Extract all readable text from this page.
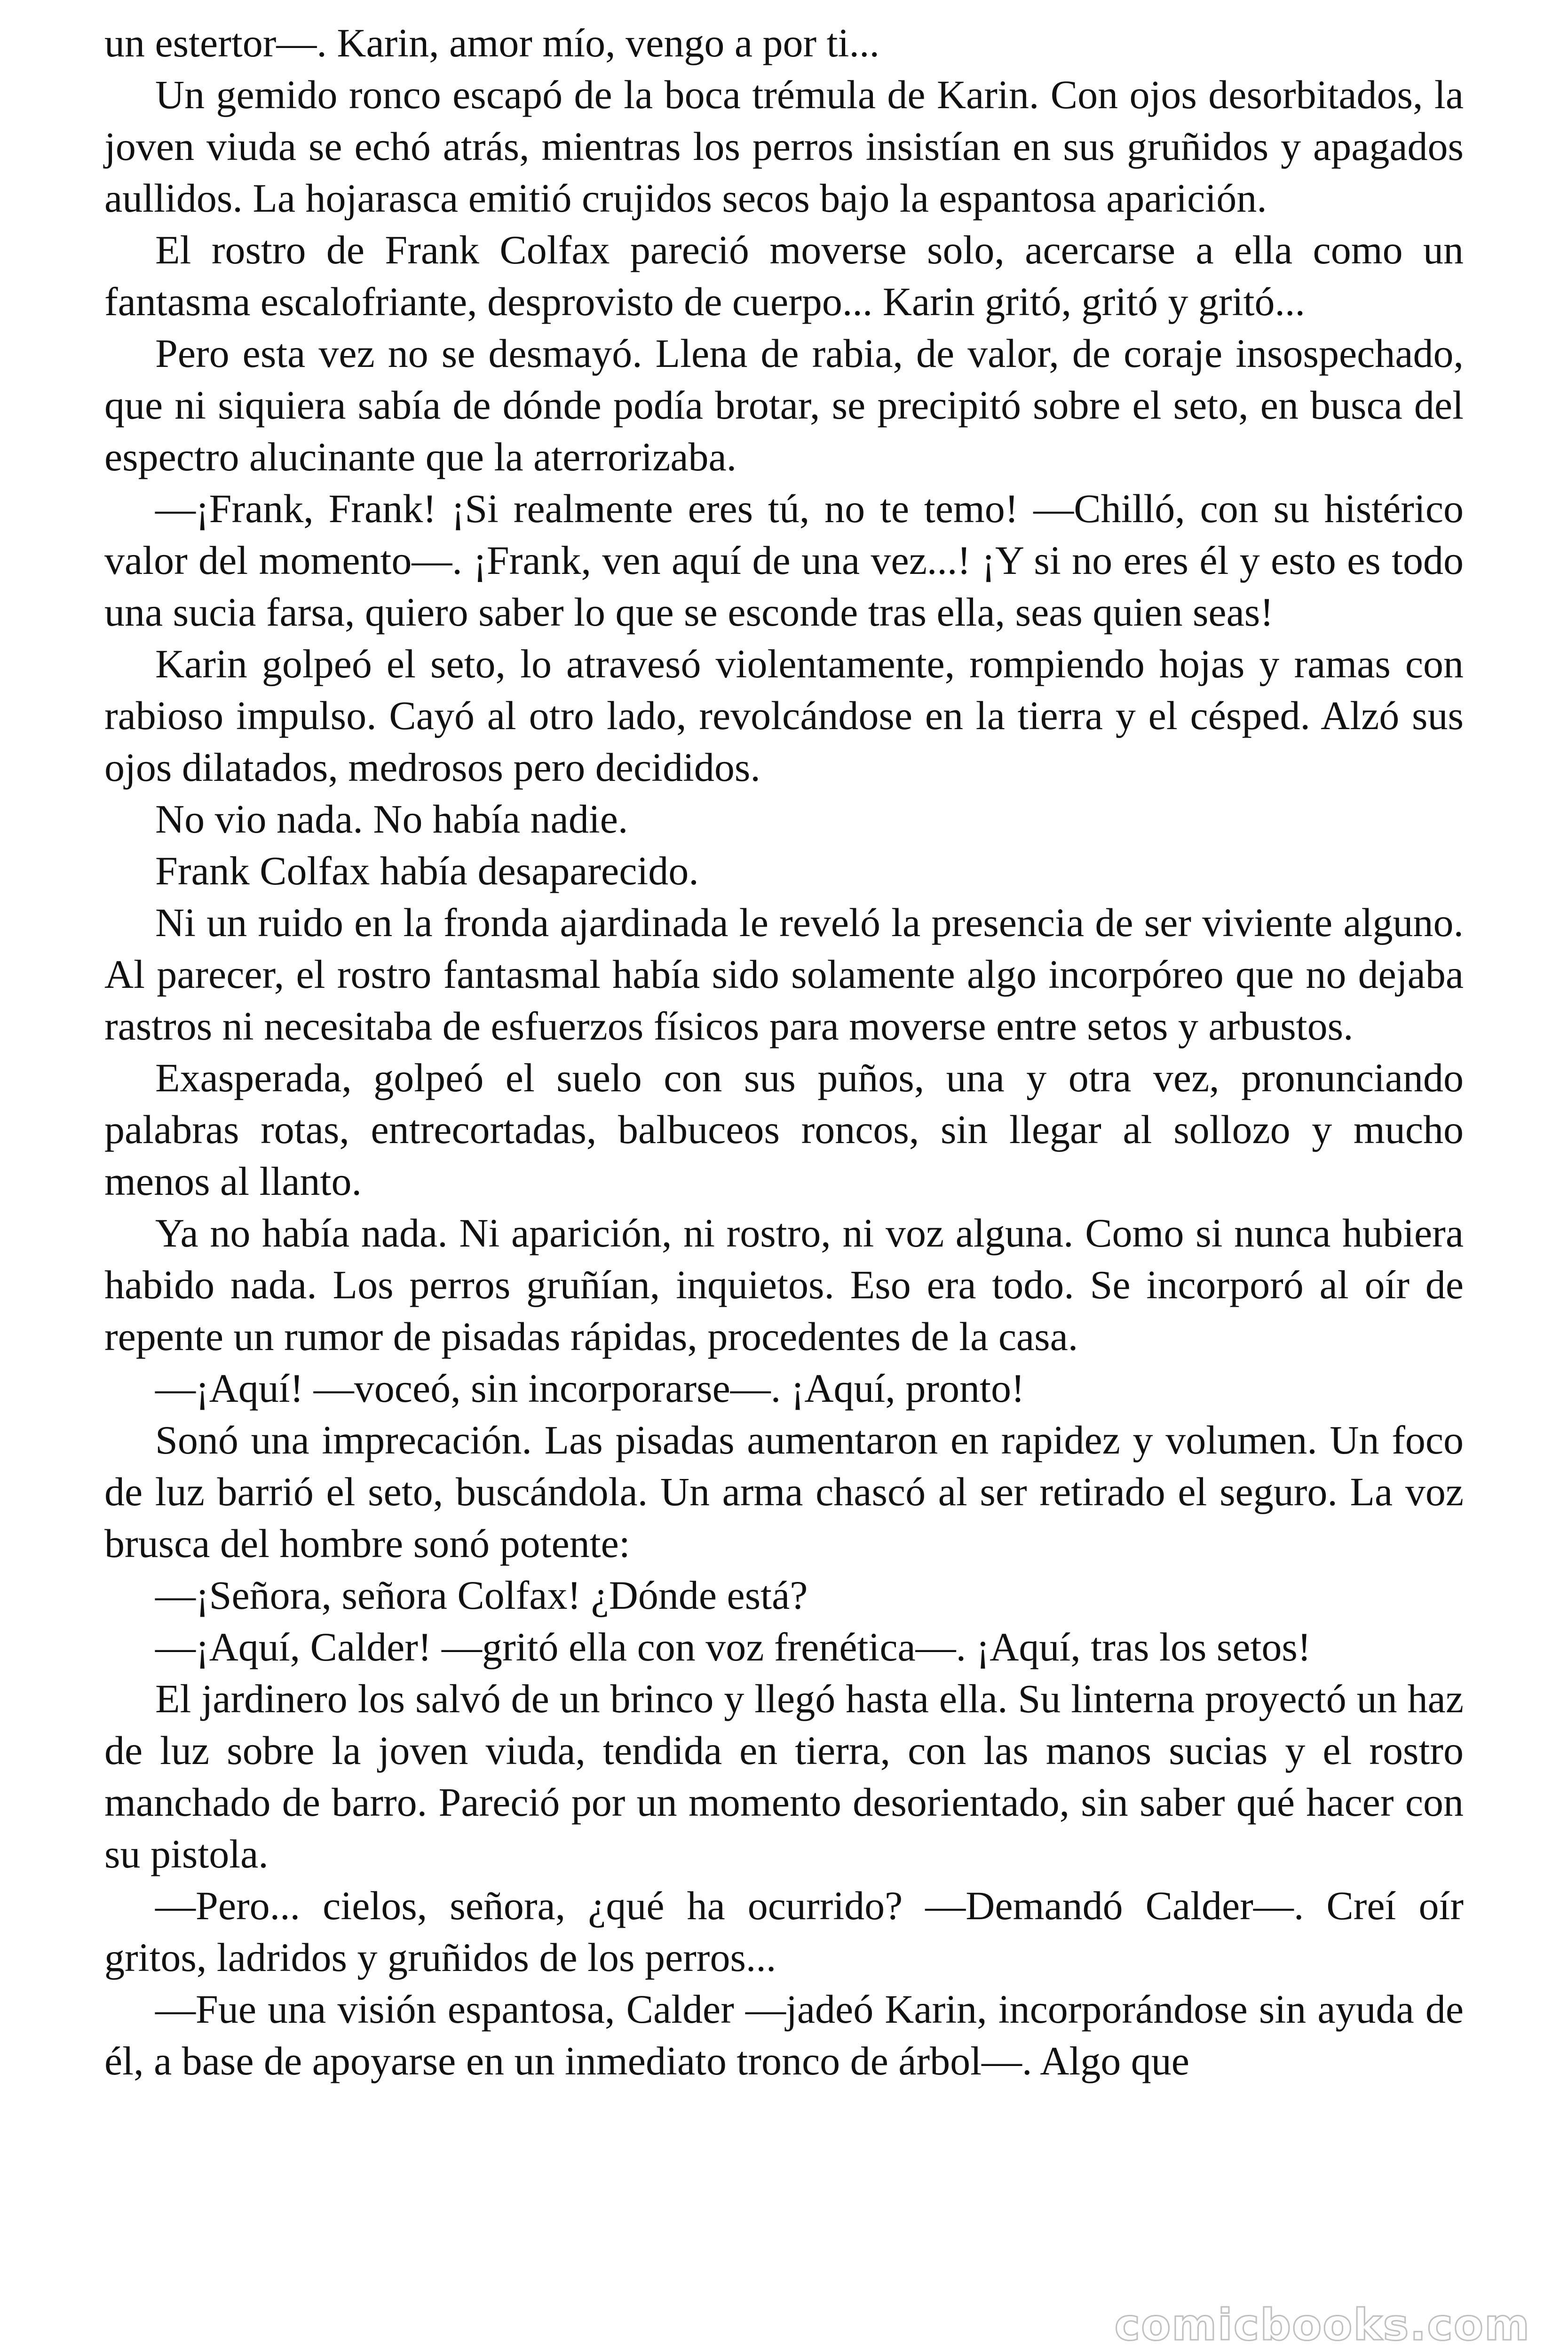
un estertor—. Karin, amor mío, vengo a por ti...

Un gemido ronco escapó de la boca trémula de Karin. Con ojos desorbitados, la joven viuda se echó atrás, mientras los perros insistían en sus gruñidos y apagados aullidos. La hojarasca emitió crujidos secos bajo la espantosa aparición.

El rostro de Frank Colfax pareció moverse solo, acercarse a ella como un fantasma escalofriante, desprovisto de cuerpo... Karin gritó, gritó y gritó...

Pero esta vez no se desmayó. Llena de rabia, de valor, de coraje insospechado, que ni siquiera sabía de dónde podía brotar, se precipitó sobre el seto, en busca del espectro alucinante que la aterrorizaba.

—¡Frank, Frank! ¡Si realmente eres tú, no te temo! —Chilló, con su histérico valor del momento—. ¡Frank, ven aquí de una vez...! ¡Y si no eres él y esto es todo una sucia farsa, quiero saber lo que se esconde tras ella, seas quien seas!

Karin golpeó el seto, lo atravesó violentamente, rompiendo hojas y ramas con rabioso impulso. Cayó al otro lado, revolcándose en la tierra y el césped. Alzó sus ojos dilatados, medrosos pero decididos.

No vio nada. No había nadie.

Frank Colfax había desaparecido.

Ni un ruido en la fronda ajardinada le reveló la presencia de ser viviente alguno. Al parecer, el rostro fantasmal había sido solamente algo incorpóreo que no dejaba rastros ni necesitaba de esfuerzos físicos para moverse entre setos y arbustos.

Exasperada, golpeó el suelo con sus puños, una y otra vez, pronunciando palabras rotas, entrecortadas, balbuceos roncos, sin llegar al sollozo y mucho menos al llanto.

Ya no había nada. Ni aparición, ni rostro, ni voz alguna. Como si nunca hubiera habido nada. Los perros gruñían, inquietos. Eso era todo. Se incorporó al oír de repente un rumor de pisadas rápidas, procedentes de la casa.

—¡Aquí! —voceó, sin incorporarse—. ¡Aquí, pronto!

Sonó una imprecación. Las pisadas aumentaron en rapidez y volumen. Un foco de luz barrió el seto, buscándola. Un arma chascó al ser retirado el seguro. La voz brusca del hombre sonó potente:

—¡Señora, señora Colfax! ¿Dónde está?

—¡Aquí, Calder! —gritó ella con voz frenética—. ¡Aquí, tras los setos!

El jardinero los salvó de un brinco y llegó hasta ella. Su linterna proyectó un haz de luz sobre la joven viuda, tendida en tierra, con las manos sucias y el rostro manchado de barro. Pareció por un momento desorientado, sin saber qué hacer con su pistola.

—Pero... cielos, señora, ¿qué ha ocurrido? —Demandó Calder—. Creí oír gritos, ladridos y gruñidos de los perros...

—Fue una visión espantosa, Calder —jadeó Karin, incorporándose sin ayuda de él, a base de apoyarse en un inmediato tronco de árbol—. Algo que

comicbooks.com
